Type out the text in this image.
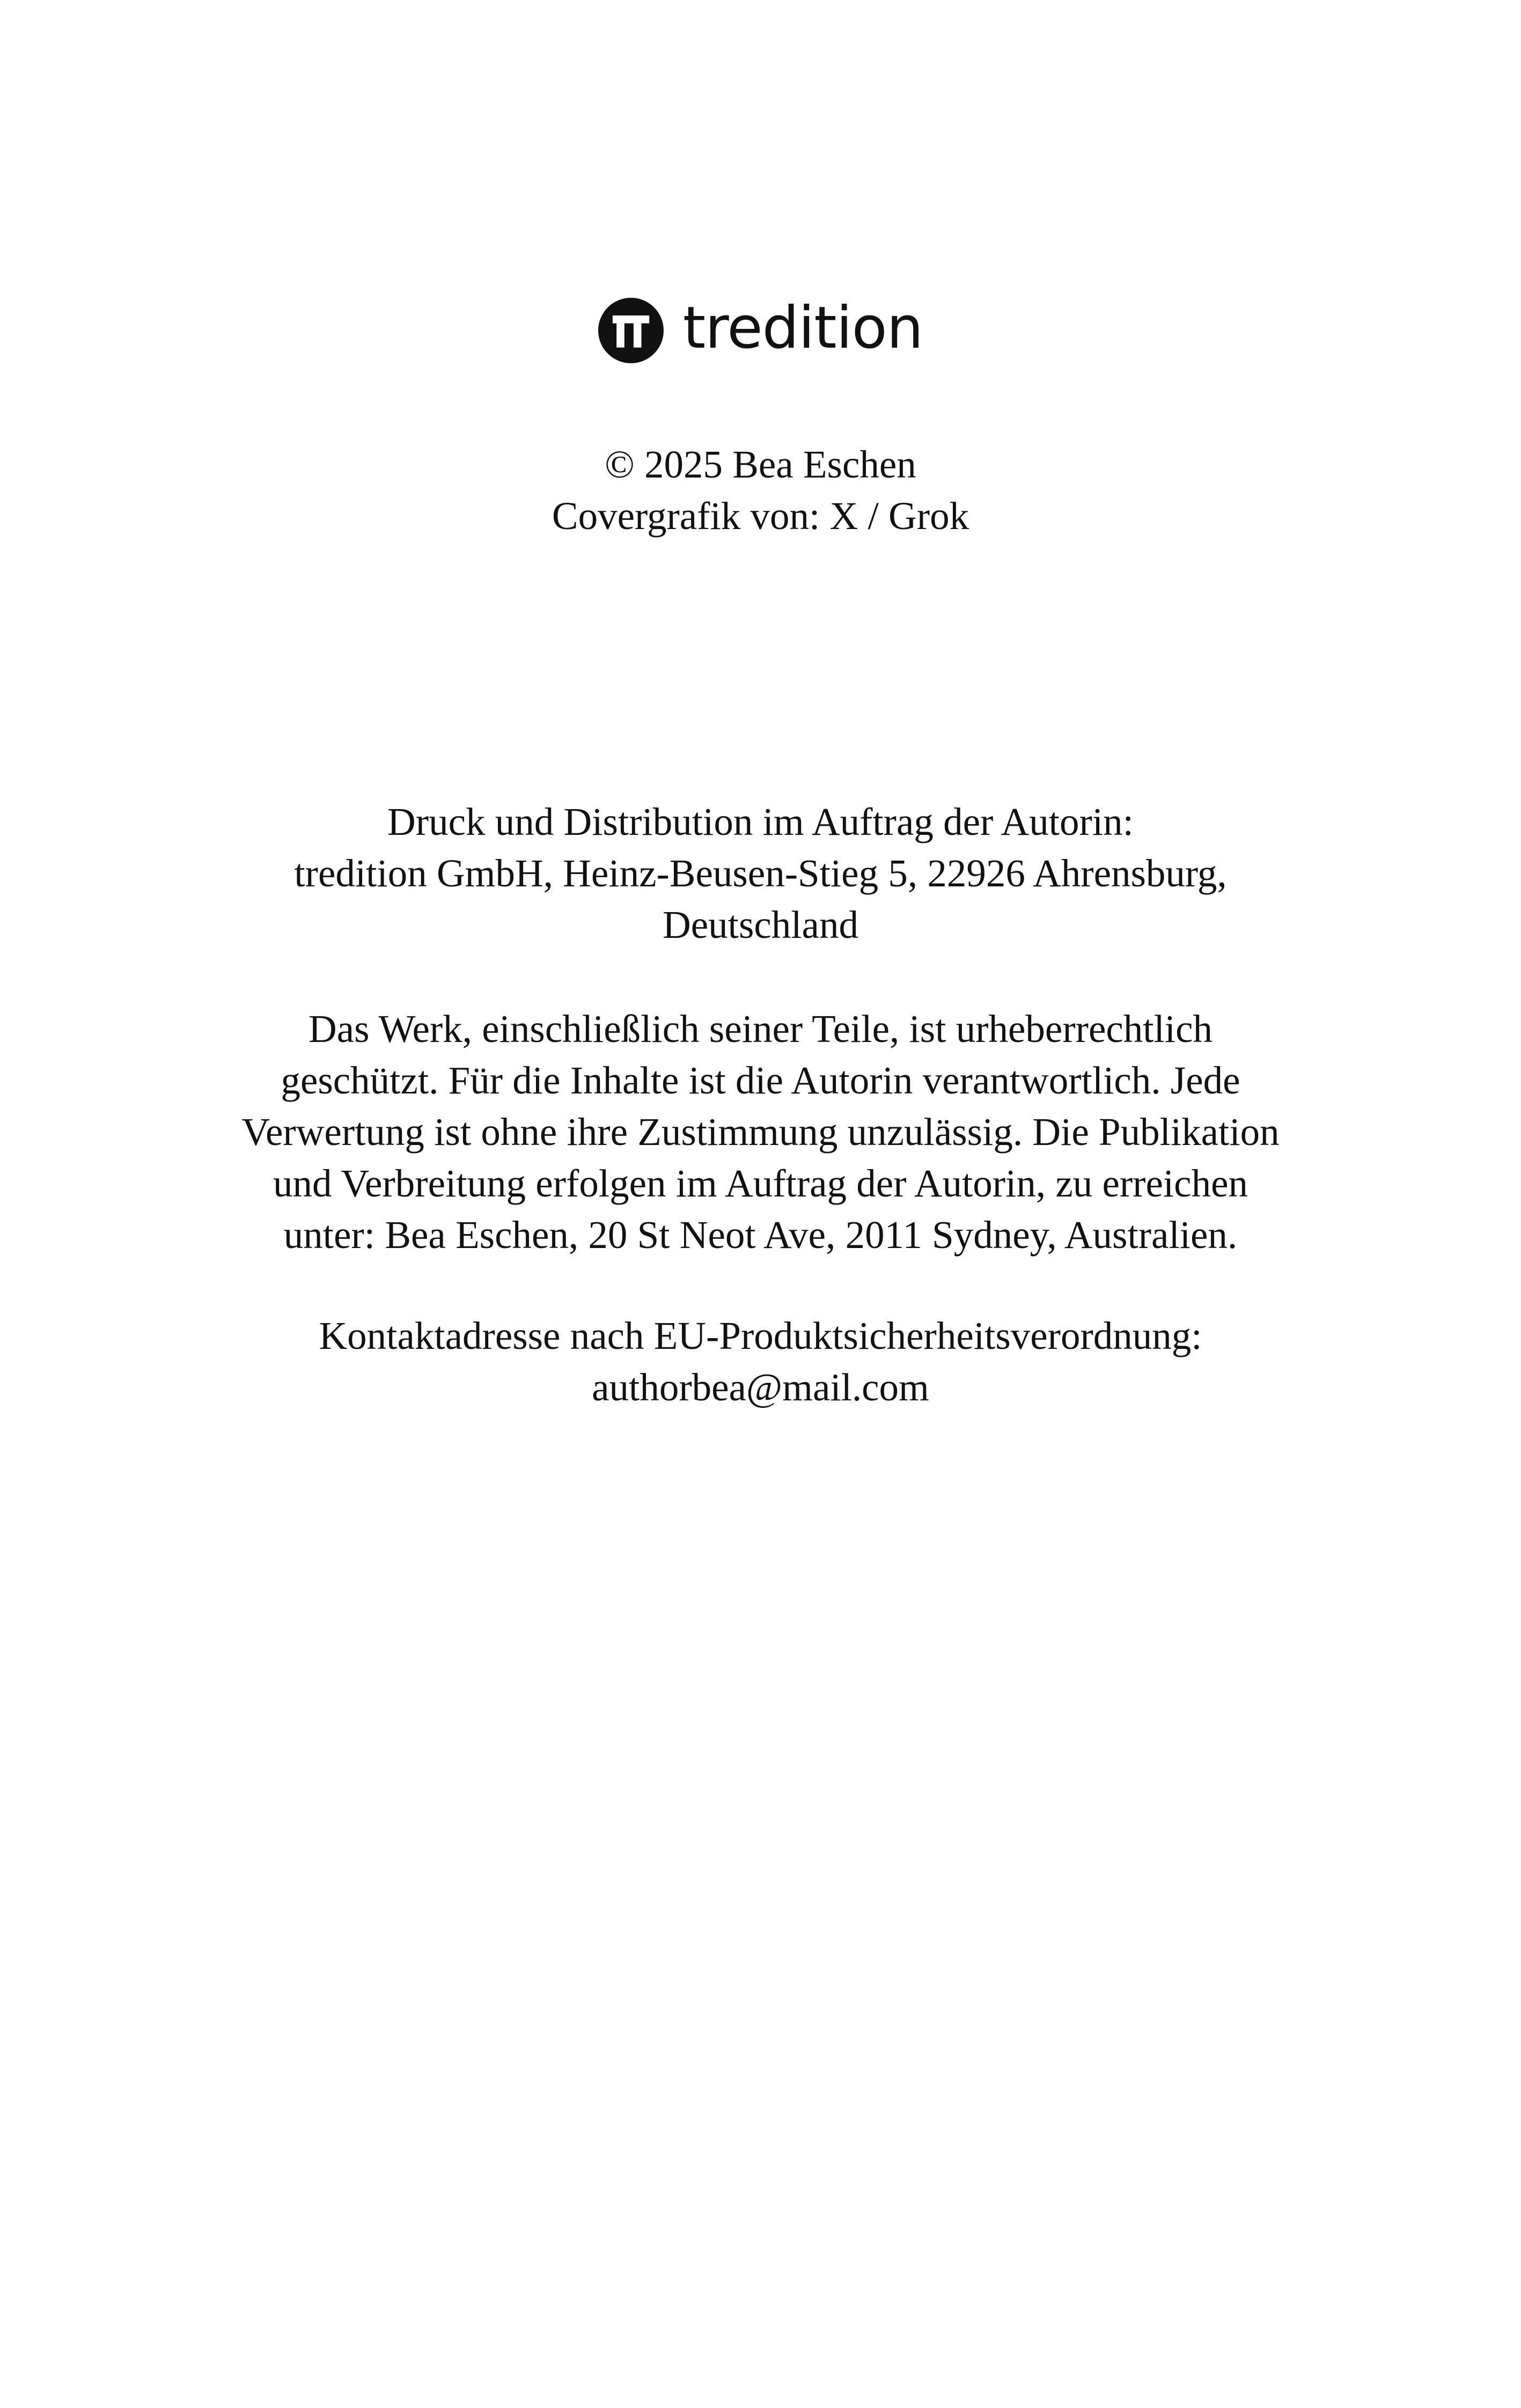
tredition

© 2025 Bea Eschen

Covergrafik von: X / Grok

Druck und Distribution im Auftrag der Autorin:

tredition GmbH, Heinz-Beusen-Stieg 5, 22926 Ahrensburg,

Deutschland

Das Werk, einschließlich seiner Teile, ist urheberrechtlich

geschützt. Für die Inhalte ist die Autorin verantwortlich. Jede

Verwertung ist ohne ihre Zustimmung unzulässig. Die Publikation

und Verbreitung erfolgen im Auftrag der Autorin, zu erreichen

unter: Bea Eschen, 20 St Neot Ave, 2011 Sydney, Australien.

Kontaktadresse nach EU-Produktsicherheitsverordnung:

authorbea@mail.com
